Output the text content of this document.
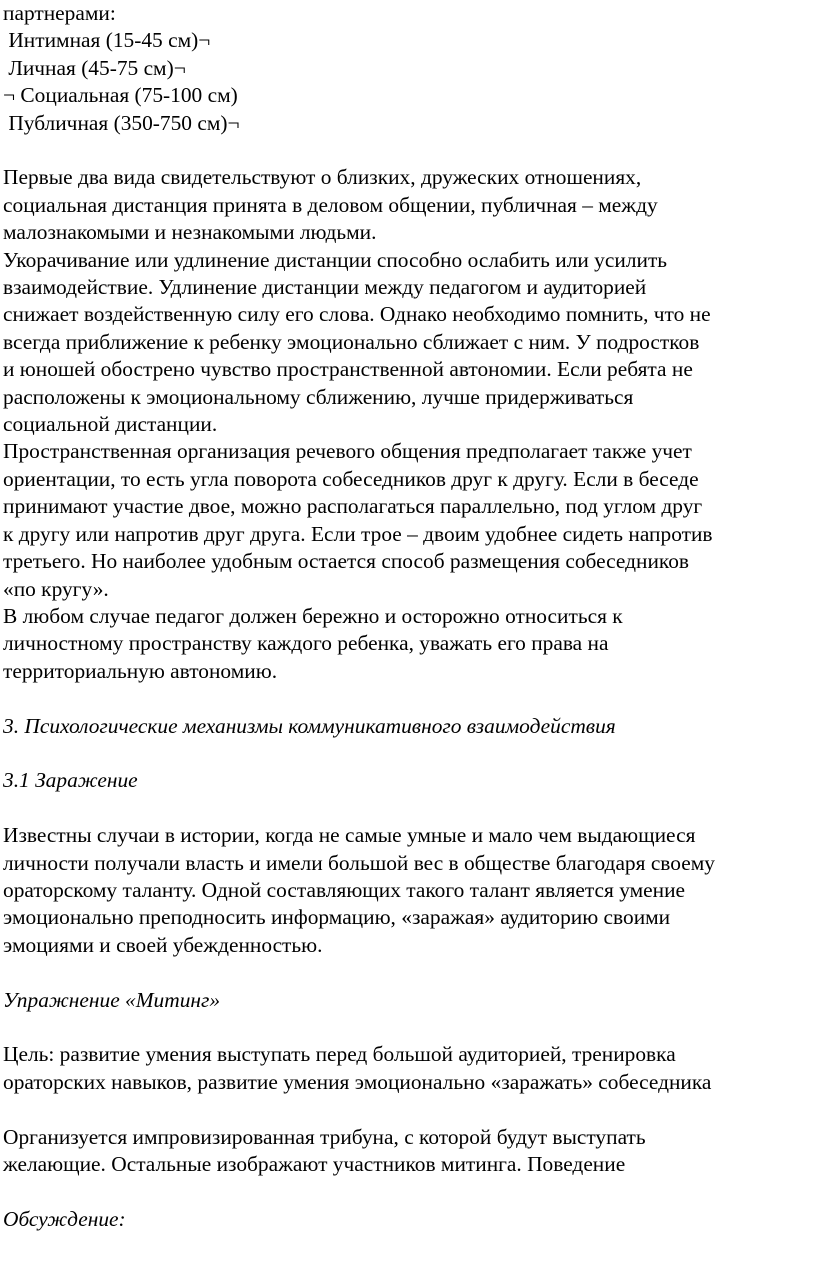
партнерами:
Интимная (15-45 см)¬
Личная (45-75 см)¬
¬ Социальная (75-100 см)
Публичная (350-750 см)¬
Первые два вида свидетельствуют о близких, дружеских отношениях,
социальная дистанция принята в деловом общении, публичная – между
малознакомыми и незнакомыми людьми.
Укорачивание или удлинение дистанции способно ослабить или усилить
взаимодействие. Удлинение дистанции между педагогом и аудиторией
снижает воздейственную силу его слова. Однако необходимо помнить, что не
всегда приближение к ребенку эмоционально сближает с ним. У подростков
и юношей обострено чувство пространственной автономии. Если ребята не
расположены к эмоциональному сближению, лучше придерживаться
социальной дистанции.
Пространственная организация речевого общения предполагает также учет
ориентации, то есть угла поворота собеседников друг к другу. Если в беседе
принимают участие двое, можно располагаться параллельно, под углом друг
к другу или напротив друг друга. Если трое – двоим удобнее сидеть напротив
третьего. Но наиболее удобным остается способ размещения собеседников
«по кругу».
В любом случае педагог должен бережно и осторожно относиться к
личностному пространству каждого ребенка, уважать его права на
территориальную автономию.
3. Психологические механизмы коммуникативного взаимодействия
3.1 Заражение
Известны случаи в истории, когда не самые умные и мало чем выдающиеся
личности получали власть и имели большой вес в обществе благодаря своему
ораторскому таланту. Одной составляющих такого талант является умение
эмоционально преподносить информацию, «заражая» аудиторию своими
эмоциями и своей убежденностью.
Упражнение «Митинг»
Цель: развитие умения выступать перед большой аудиторией, тренировка
ораторских навыков, развитие умения эмоционально «заражать» собеседника
Организуется импровизированная трибуна, с которой будут выступать
желающие. Остальные изображают участников митинга. Поведение
Обсуждение:
